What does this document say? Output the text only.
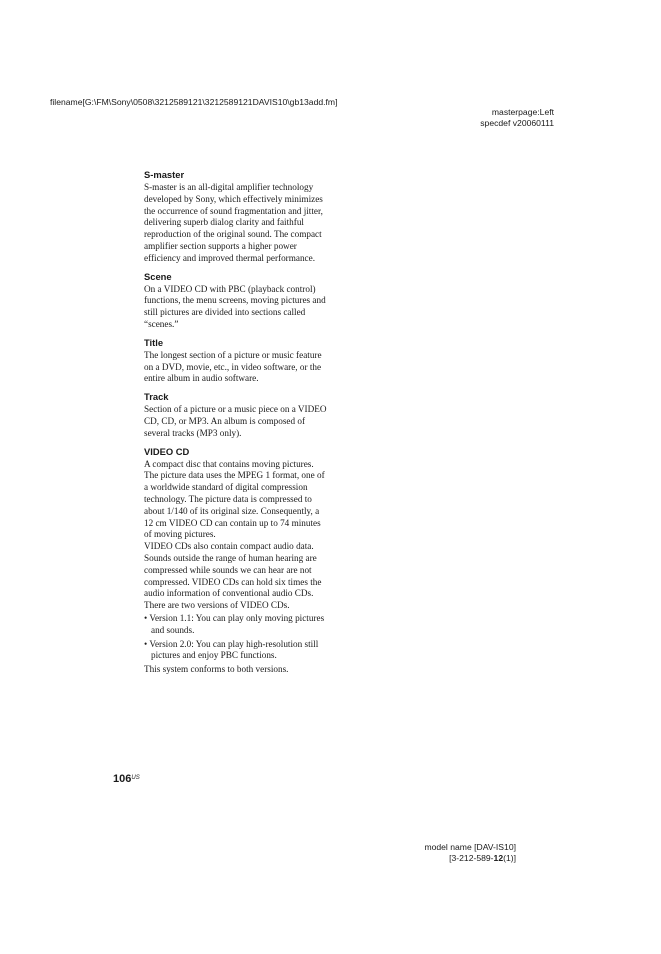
filename[G:\FM\Sony\0508\3212589121\3212589121DAVIS10\gb13add.fm]
masterpage:Left
specdef v20060111
S-master

S-master is an all-digital amplifier technology developed by Sony, which effectively minimizes the occurrence of sound fragmentation and jitter, delivering superb dialog clarity and faithful reproduction of the original sound. The compact amplifier section supports a higher power efficiency and improved thermal performance.

Scene

On a VIDEO CD with PBC (playback control) functions, the menu screens, moving pictures and still pictures are divided into sections called “scenes.”

Title

The longest section of a picture or music feature on a DVD, movie, etc., in video software, or the entire album in audio software.

Track

Section of a picture or a music piece on a VIDEO CD, CD, or MP3. An album is composed of several tracks (MP3 only).

VIDEO CD

A compact disc that contains moving pictures. The picture data uses the MPEG 1 format, one of a worldwide standard of digital compression technology. The picture data is compressed to about 1/140 of its original size. Consequently, a 12 cm VIDEO CD can contain up to 74 minutes of moving pictures.

VIDEO CDs also contain compact audio data. Sounds outside the range of human hearing are compressed while sounds we can hear are not compressed. VIDEO CDs can hold six times the audio information of conventional audio CDs.

There are two versions of VIDEO CDs.

• Version 1.1: You can play only moving pictures and sounds.
• Version 2.0: You can play high-resolution still pictures and enjoy PBC functions.

This system conforms to both versions.

$106^{US}$
model name [DAV-IS10]
[3-212-589-12(1)]
